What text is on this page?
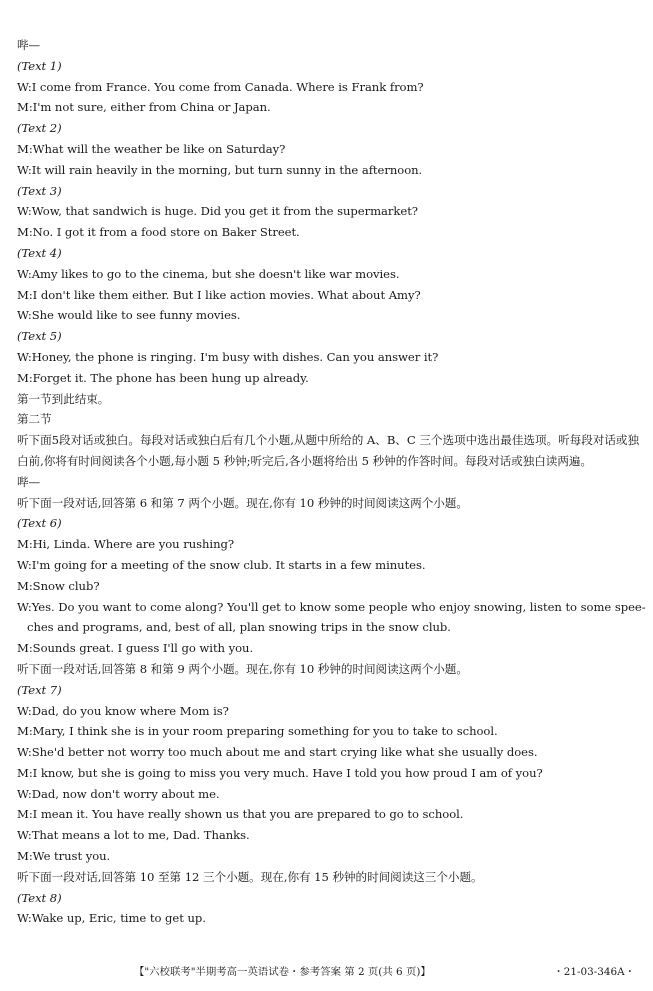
哔—
(Text 1)
W:I come from France. You come from Canada. Where is Frank from?
M:I'm not sure, either from China or Japan.
(Text 2)
M:What will the weather be like on Saturday?
W:It will rain heavily in the morning, but turn sunny in the afternoon.
(Text 3)
W:Wow, that sandwich is huge. Did you get it from the supermarket?
M:No. I got it from a food store on Baker Street.
(Text 4)
W:Amy likes to go to the cinema, but she doesn't like war movies.
M:I don't like them either. But I like action movies. What about Amy?
W:She would like to see funny movies.
(Text 5)
W:Honey, the phone is ringing. I'm busy with dishes. Can you answer it?
M:Forget it. The phone has been hung up already.
第一节到此结束。
第二节
听下面5段对话或独白。每段对话或独白后有几个小题,从题中所给的 A、B、C 三个选项中选出最佳选项。听每段对话或独白前,你将有时间阅读各个小题,每小题 5 秒钟;听完后,各小题将给出 5 秒钟的作答时间。每段对话或独白读两遍。
哔—
听下面一段对话,回答第 6 和第 7 两个小题。现在,你有 10 秒钟的时间阅读这两个小题。
(Text 6)
M:Hi, Linda. Where are you rushing?
W:I'm going for a meeting of the snow club. It starts in a few minutes.
M:Snow club?
W:Yes. Do you want to come along? You'll get to know some people who enjoy snowing, listen to some spee-
ches and programs, and, best of all, plan snowing trips in the snow club.
M:Sounds great. I guess I'll go with you.
听下面一段对话,回答第 8 和第 9 两个小题。现在,你有 10 秒钟的时间阅读这两个小题。
(Text 7)
W:Dad, do you know where Mom is?
M:Mary, I think she is in your room preparing something for you to take to school.
W:She'd better not worry too much about me and start crying like what she usually does.
M:I know, but she is going to miss you very much. Have I told you how proud I am of you?
W:Dad, now don't worry about me.
M:I mean it. You have really shown us that you are prepared to go to school.
W:That means a lot to me, Dad. Thanks.
M:We trust you.
听下面一段对话,回答第 10 至第 12 三个小题。现在,你有 15 秒钟的时间阅读这三个小题。
(Text 8)
W:Wake up, Eric, time to get up.
【"六校联考"半期考高一英语试卷・参考答案 第 2 页(共 6 页)】	・21-03-346A・
